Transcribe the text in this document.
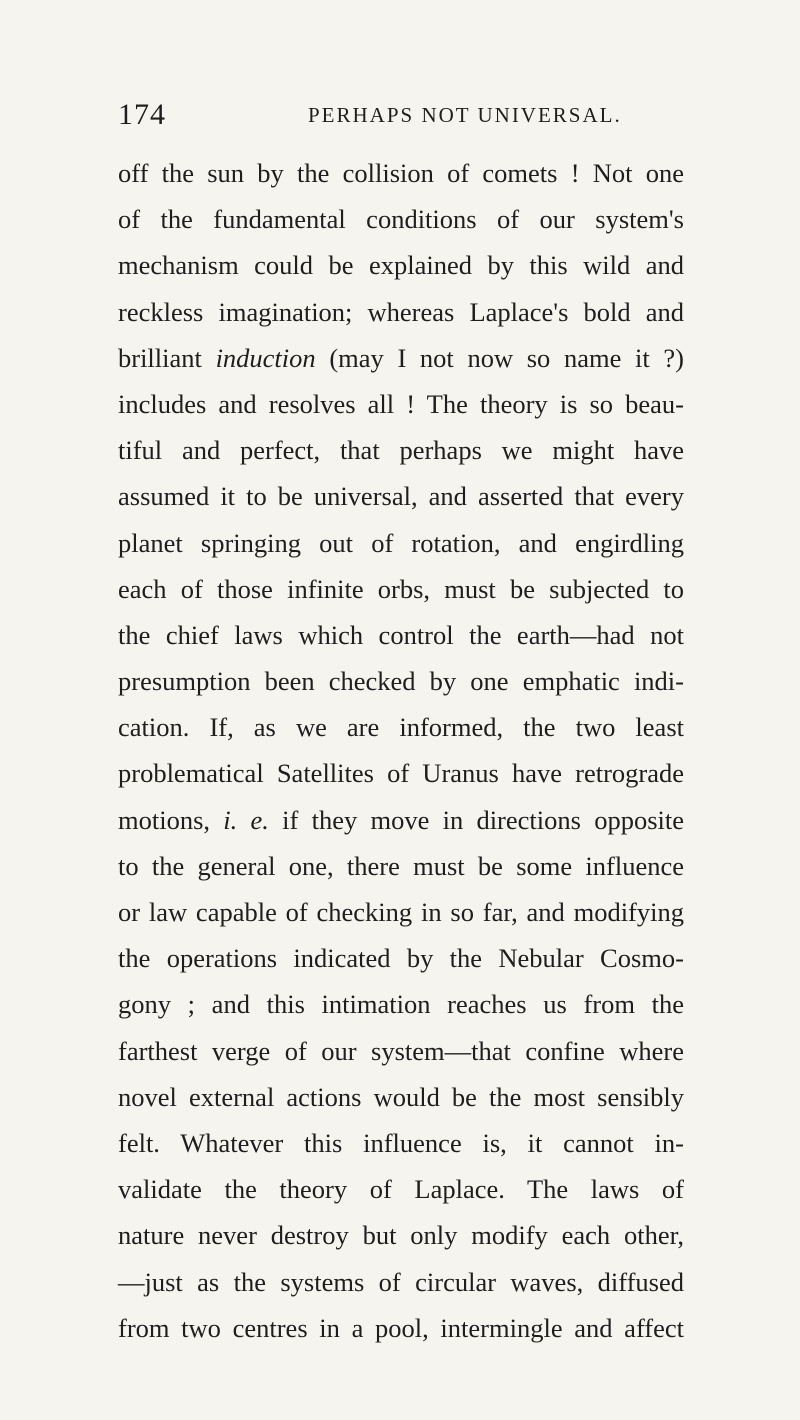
174	PERHAPS NOT UNIVERSAL.
off the sun by the collision of comets ! Not one
of the fundamental conditions of our system's
mechanism could be explained by this wild and
reckless imagination; whereas Laplace's bold and
brilliant induction (may I not now so name it ?)
includes and resolves all ! The theory is so beau-
tiful and perfect, that perhaps we might have
assumed it to be universal, and asserted that every
planet springing out of rotation, and engirdling
each of those infinite orbs, must be subjected to
the chief laws which control the earth—had not
presumption been checked by one emphatic indi-
cation. If, as we are informed, the two least
problematical Satellites of Uranus have retrograde
motions, i. e. if they move in directions opposite
to the general one, there must be some influence
or law capable of checking in so far, and modifying
the operations indicated by the Nebular Cosmo-
gony ; and this intimation reaches us from the
farthest verge of our system—that confine where
novel external actions would be the most sensibly
felt. Whatever this influence is, it cannot in-
validate the theory of Laplace. The laws of
nature never destroy but only modify each other,
—just as the systems of circular waves, diffused
from two centres in a pool, intermingle and affect
